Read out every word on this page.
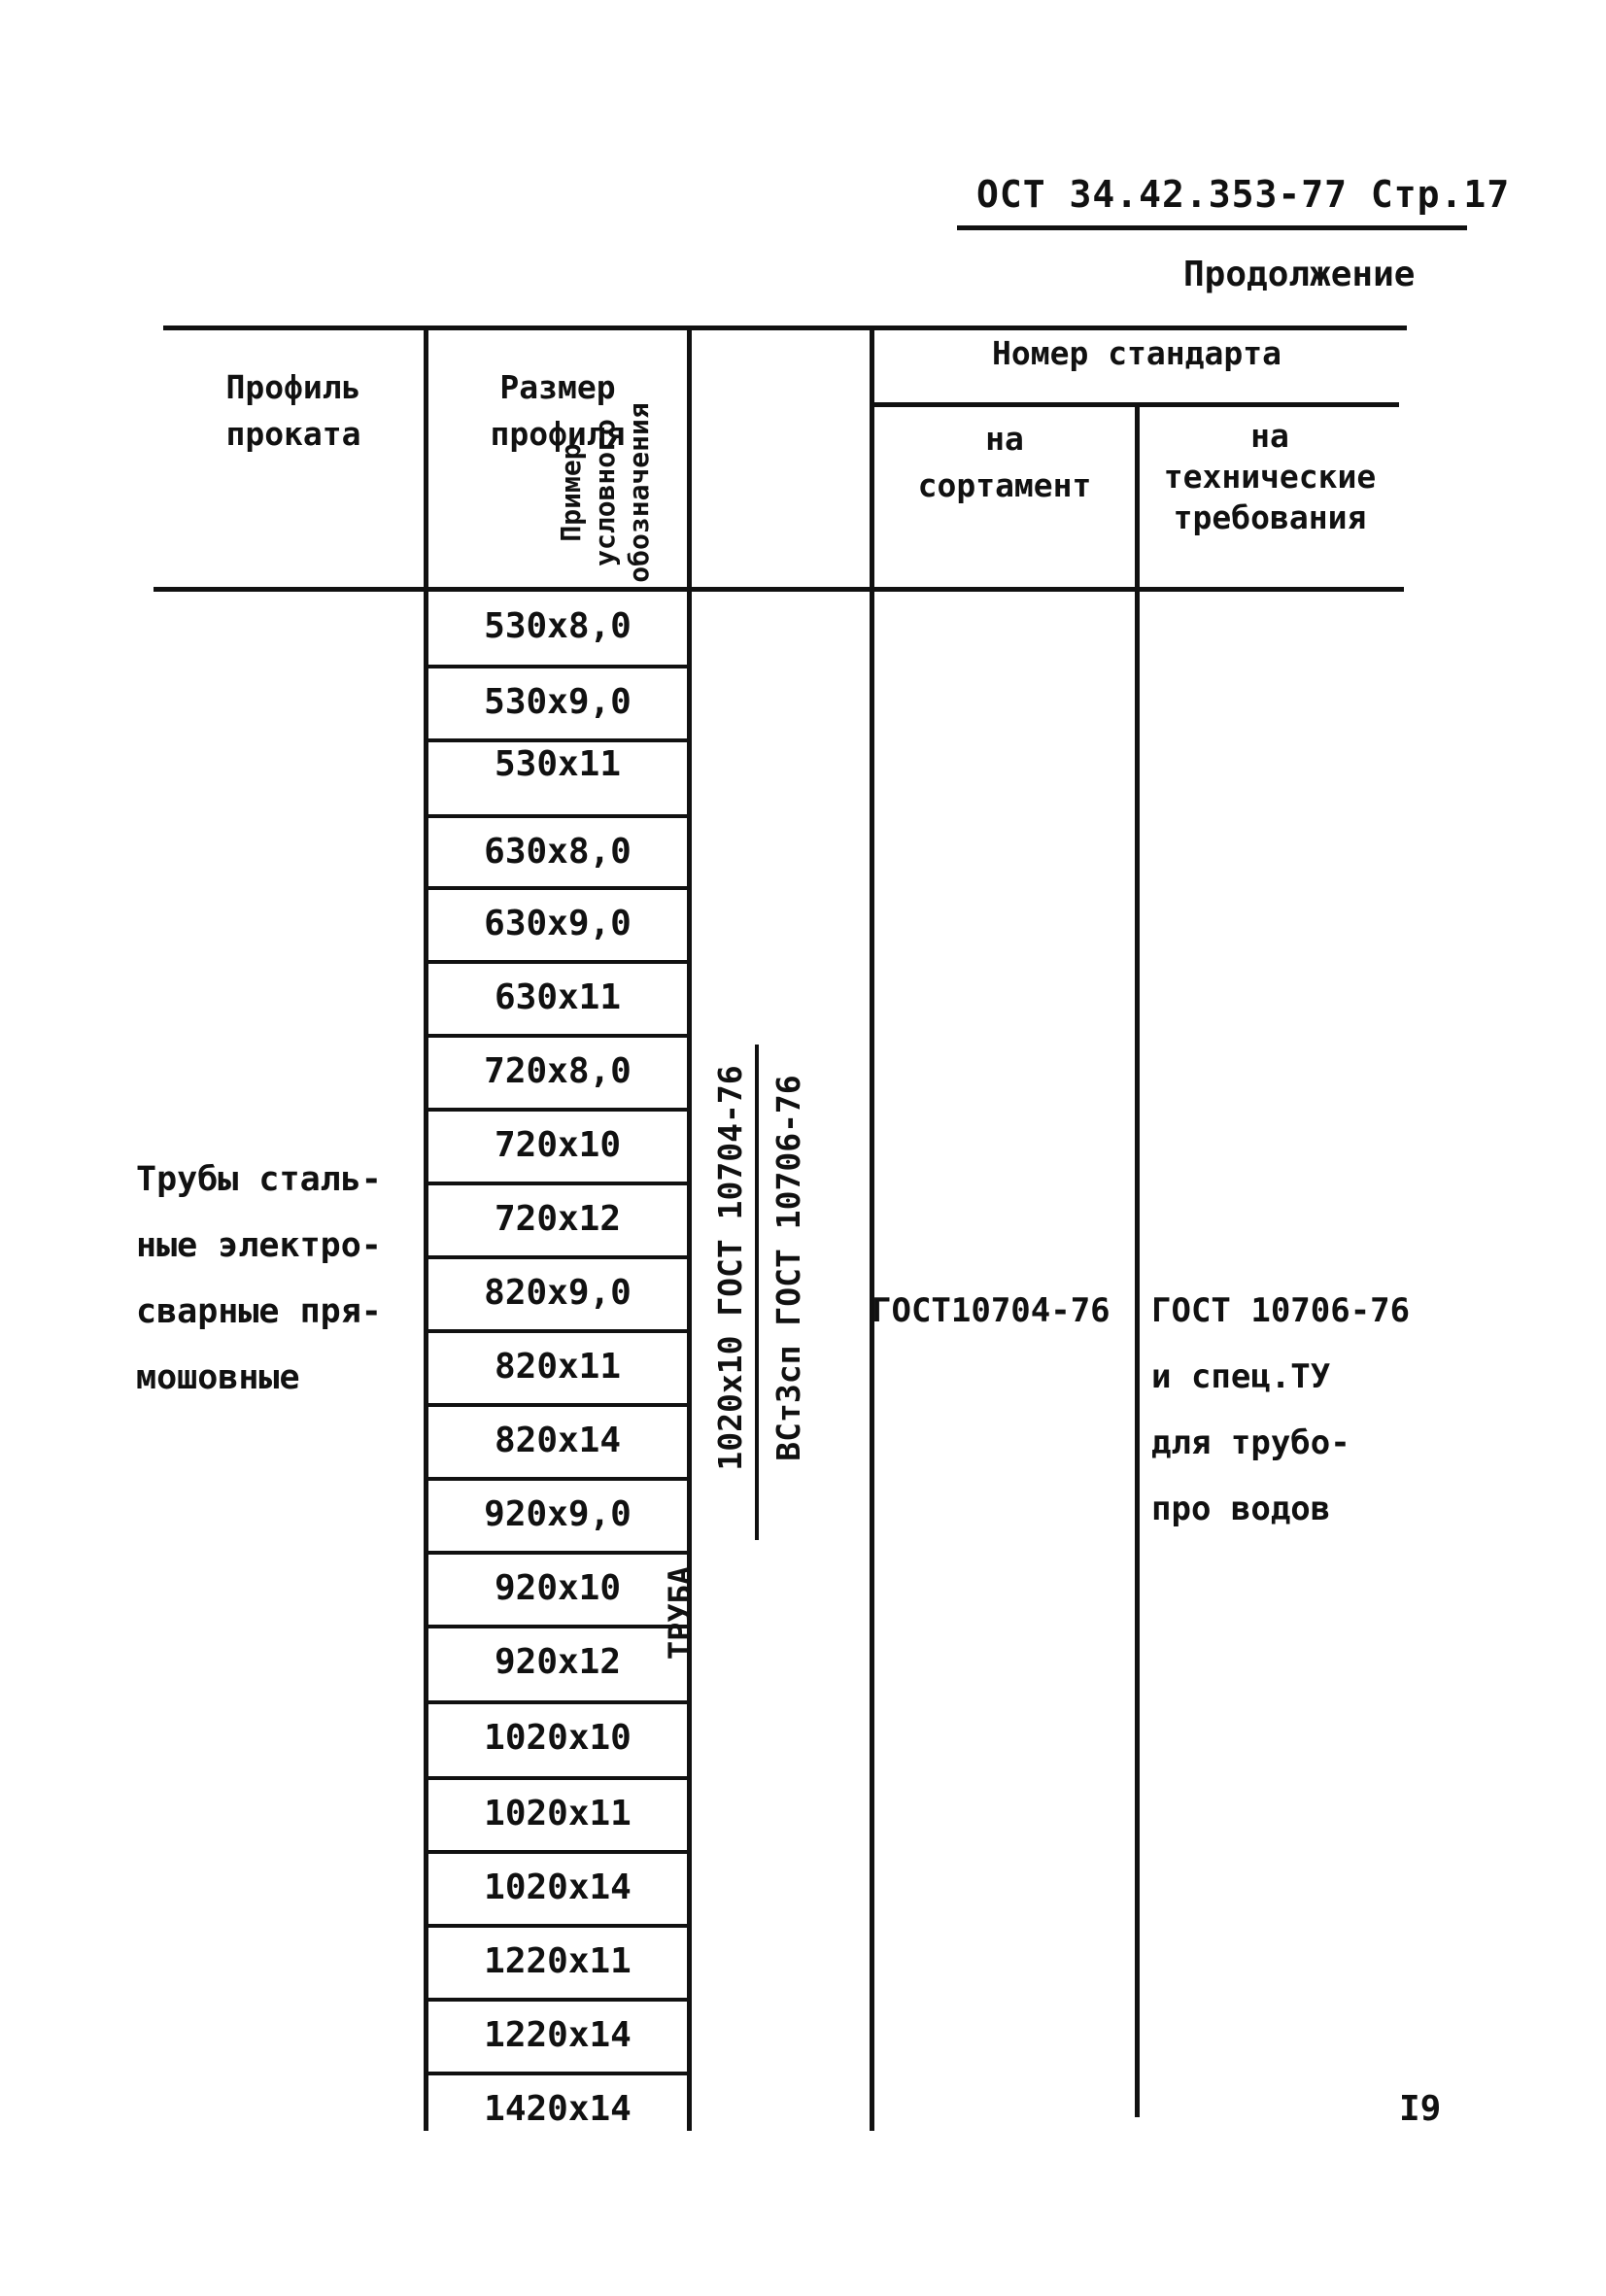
ОСТ 34.42.353-77 Стр.17
Продолжение
Профиль
проката
Размер
профиля
Пример условного обозначения
Номер стандарта
на
сортамент
на
технические
требования
Трубы сталь-
ные электро-
сварные пря-
мошовные
530x8,0
530x9,0
530x11
630x8,0
630x9,0
630x11
720x8,0
720x10
720x12
820x9,0
820x11
820x14
920x9,0
920x10
920x12
1020x10
1020x11
1020x14
1220x11
1220x14
1420x14
ТРУБА
1020x10 ГОСТ 10704-76 ВСт3сп ГОСТ 10706-76 ГОСТ10704-76 ГОСТ 10706-76
и спец.ТУ
для трубо-
про водов
I9
